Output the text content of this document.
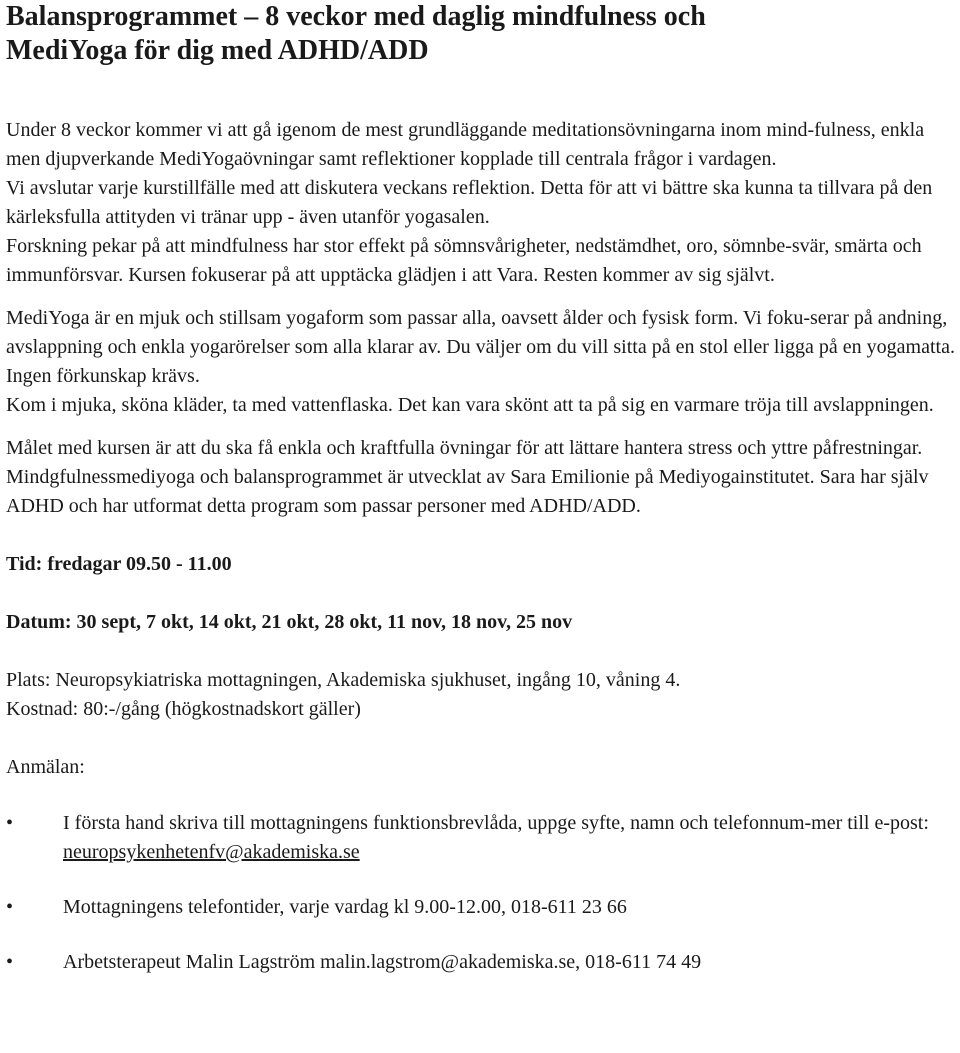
Balansprogrammet – 8 veckor med daglig mindfulness och
MediYoga för dig med ADHD/ADD

Under 8 veckor kommer vi att gå igenom de mest grundläggande meditationsövningarna inom mind-fulness, enkla men djupverkande MediYogaövningar samt reflektioner kopplade till centrala frågor i vardagen.

Vi avslutar varje kurstillfälle med att diskutera veckans reflektion. Detta för att vi bättre ska kunna ta tillvara på den kärleksfulla attityden vi tränar upp - även utanför yogasalen.

Forskning pekar på att mindfulness har stor effekt på sömnsvårigheter, nedstämdhet, oro, sömnbe-svär, smärta och immunförsvar. Kursen fokuserar på att upptäcka glädjen i att Vara. Resten kommer av sig självt.

MediYoga är en mjuk och stillsam yogaform som passar alla, oavsett ålder och fysisk form. Vi foku-serar på andning, avslappning och enkla yogarörelser som alla klarar av. Du väljer om du vill sitta på en stol eller ligga på en yogamatta. Ingen förkunskap krävs.

Kom i mjuka, sköna kläder, ta med vattenflaska. Det kan vara skönt att ta på sig en varmare tröja till avslappningen.

Målet med kursen är att du ska få enkla och kraftfulla övningar för att lättare hantera stress och yttre påfrestningar. Mindgfulnessmediyoga och balansprogrammet är utvecklat av Sara Emilionie på Mediyogainstitutet. Sara har själv ADHD och har utformat detta program som passar personer med ADHD/ADD.

Tid: fredagar 09.50 - 11.00

Datum: 30 sept, 7 okt, 14 okt, 21 okt, 28 okt, 11 nov, 18 nov, 25 nov

Plats: Neuropsykiatriska mottagningen, Akademiska sjukhuset, ingång 10, våning 4.

Kostnad: 80:-/gång (högkostnadskort gäller)

Anmälan:

• I första hand skriva till mottagningens funktionsbrevlåda, uppge syfte, namn och telefonnum-mer till e-post: neuropsykenhetenfv@akademiska.se
• Mottagningens telefontider, varje vardag kl 9.00-12.00, 018-611 23 66
• Arbetsterapeut Malin Lagström malin.lagstrom@akademiska.se, 018-611 74 49
